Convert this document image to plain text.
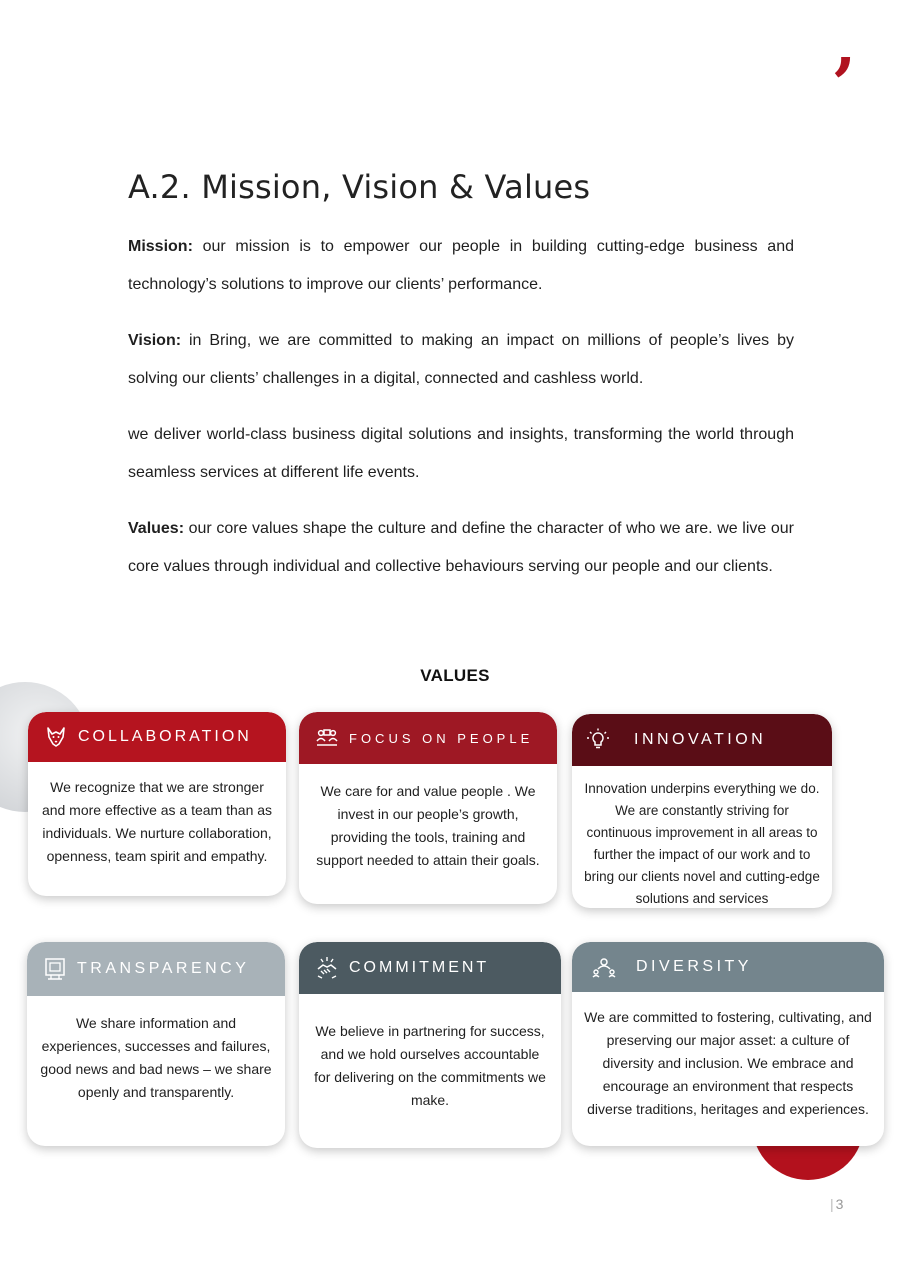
,
A.2. Mission, Vision & Values

Mission: our mission is to empower our people in building cutting-edge business and technology’s solutions to improve our clients’ performance.

Vision: in Bring, we are committed to making an impact on millions of people’s lives by solving our clients’ challenges in a digital, connected and cashless world.

we deliver world-class business digital solutions and insights, transforming the world through seamless services at different life events.

Values: our core values shape the culture and define the character of who we are. we live our core values through individual and collective behaviours serving our people and our clients.

VALUES
COLLABORATION
We recognize that we are stronger and more effective as a team than as individuals. We nurture collaboration, openness, team spirit and empathy.
FOCUS ON PEOPLE
We care for and value people . We invest in our people’s growth, providing the tools, training and support needed to attain their goals.
INNOVATION
Innovation underpins everything we do. We are constantly striving for continuous improvement in all areas to further the impact of our work and to bring our clients novel and cutting-edge solutions and services
TRANSPARENCY
We share information and experiences, successes and failures, good news and bad news – we share openly and transparently.
COMMITMENT
We believe in partnering for success, and we hold ourselves accountable for delivering on the commitments we make.
DIVERSITY
We are committed to fostering, cultivating, and preserving our major asset: a culture of diversity and inclusion. We embrace and encourage an environment that respects diverse traditions, heritages and experiences.
| 3
